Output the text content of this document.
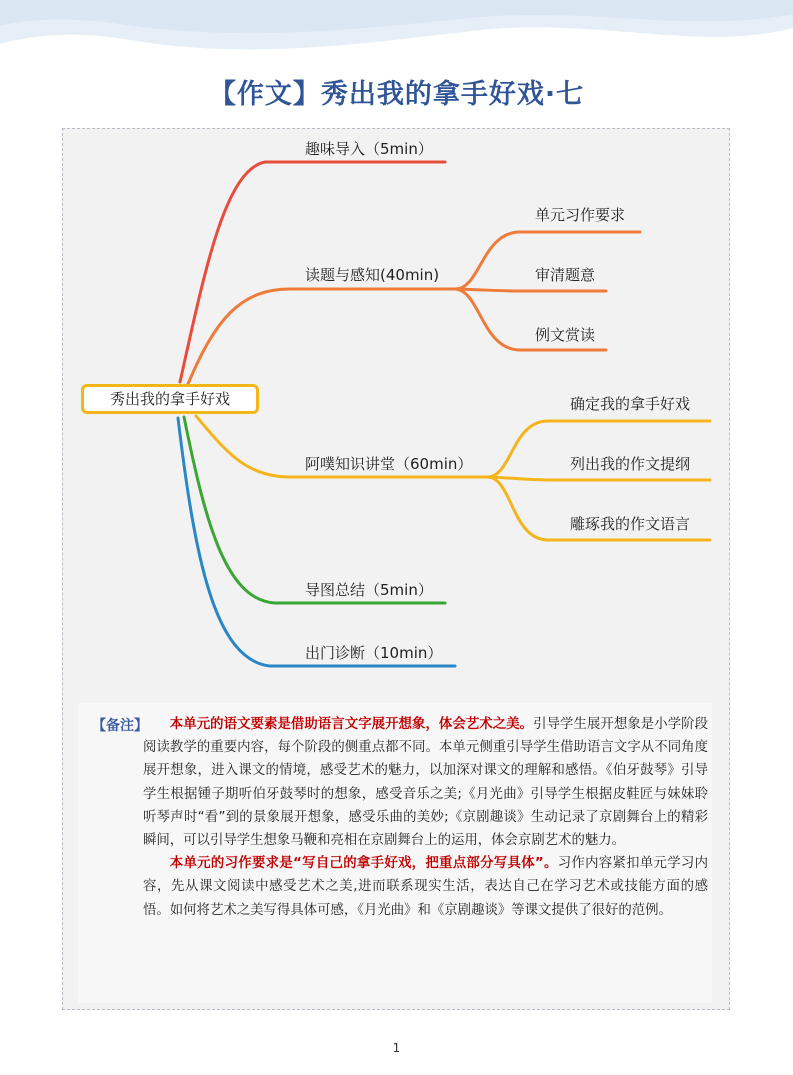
【作文】秀出我的拿手好戏·七
趣味导入（5min）
读题与感知(40min)
单元习作要求
审清题意
例文赏读
阿噗知识讲堂（60min）
确定我的拿手好戏
列出我的作文提纲
雕琢我的作文语言
导图总结（5min）
出门诊断（10min）
秀出我的拿手好戏
【备注】	本单元的语文要素是借助语言文字展开想象，体会艺术之美。引导学生展开想象是小学阶段阅读教学的重要内容，每个阶段的侧重点都不同。本单元侧重引导学生借助语言文字从不同角度展开想象，进入课文的情境，感受艺术的魅力，以加深对课文的理解和感悟。《伯牙鼓琴》引导学生根据锺子期听伯牙鼓琴时的想象，感受音乐之美;《月光曲》引导学生根据皮鞋匠与妹妹聆听琴声时“看”到的景象展开想象，感受乐曲的美妙;《京剧趣谈》生动记录了京剧舞台上的精彩瞬间，可以引导学生想象马鞭和亮相在京剧舞台上的运用，体会京剧艺术的魅力。

本单元的习作要求是“写自己的拿手好戏，把重点部分写具体”。习作内容紧扣单元学习内容，先从课文阅读中感受艺术之美,进而联系现实生活，表达自己在学习艺术或技能方面的感悟。如何将艺术之美写得具体可感，《月光曲》和《京剧趣谈》等课文提供了很好的范例。

1
